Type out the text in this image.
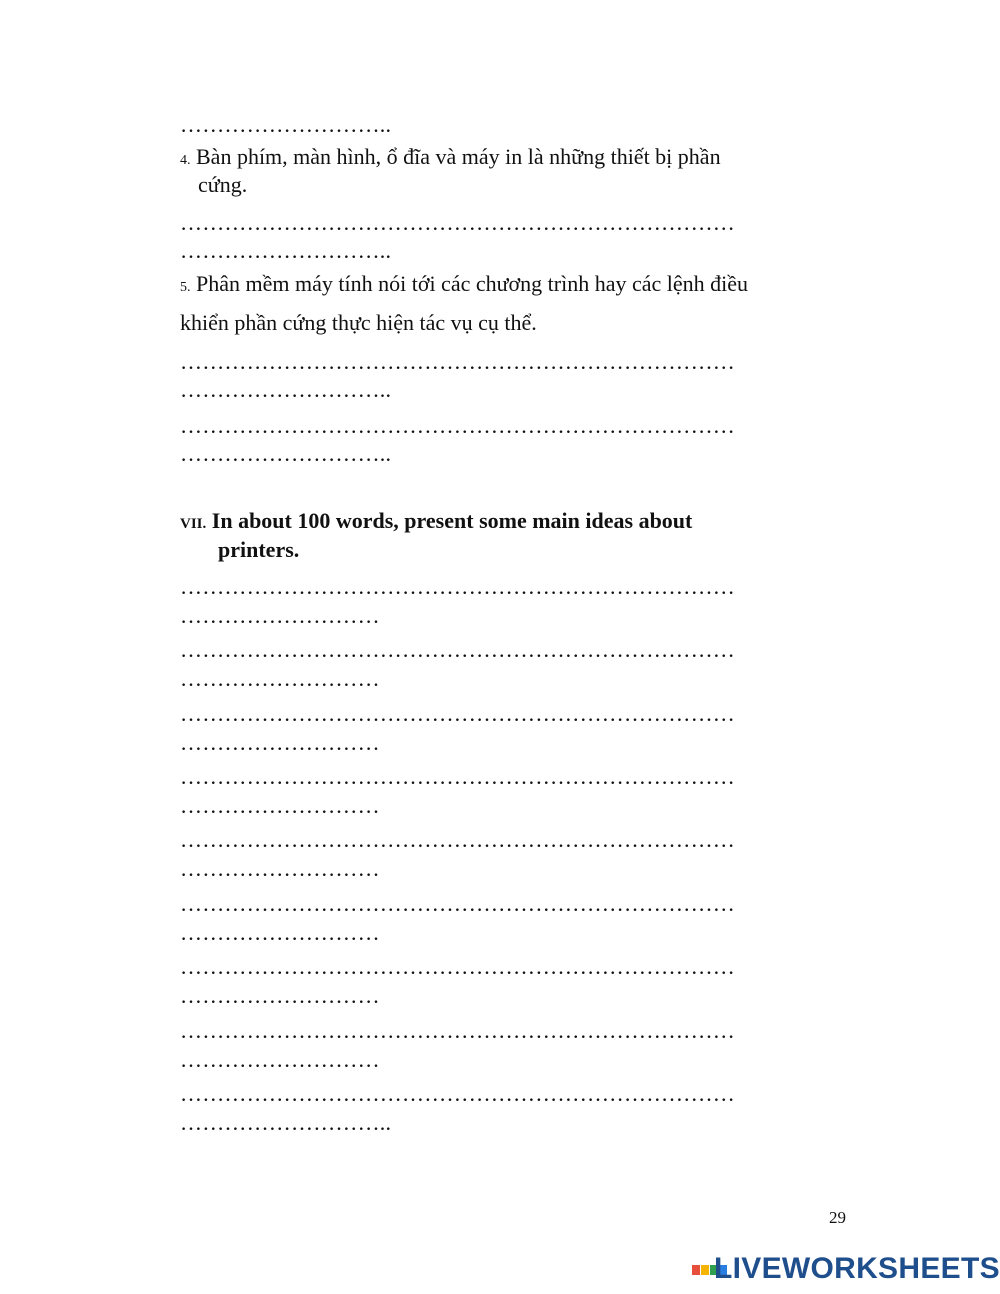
………………………..
4. Bàn phím, màn hình, ổ đĩa và máy in là những thiết bị phần
cứng.
…………………………………………………………………
………………………..
5. Phân mềm máy tính nói tới các chương trình hay các lệnh điều
khiển phần cứng thực hiện tác vụ cụ thể.
…………………………………………………………………
………………………..
…………………………………………………………………
………………………..
VII. In about 100 words, present some main ideas about
printers.
…………………………………………………………………
………………………
…………………………………………………………………
………………………
…………………………………………………………………
………………………
…………………………………………………………………
………………………
…………………………………………………………………
………………………
…………………………………………………………………
………………………
…………………………………………………………………
………………………
…………………………………………………………………
………………………
…………………………………………………………………
………………………..
29
LIVEWORKSHEETS
